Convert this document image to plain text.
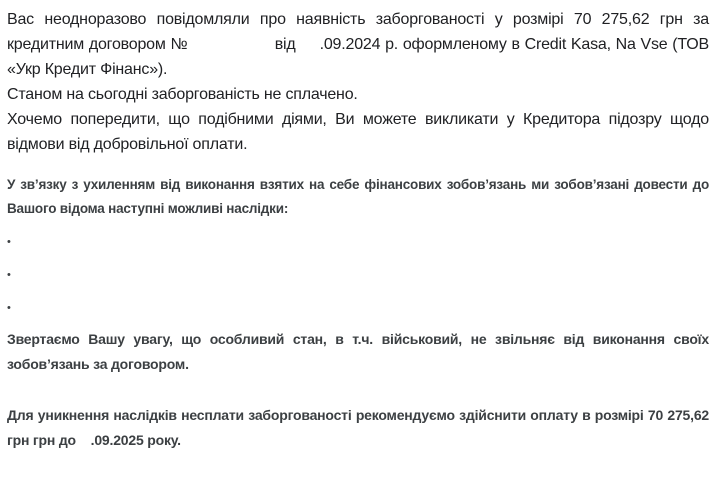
Вас неодноразово повідомляли про наявність заборгованості у розмірі 70 275,62 грн за кредитним договором №                  від     .09.2024 р. оформленому в Credit Kasa, Na Vse (ТОВ «Укр Кредит Фінанс»).

Станом на сьогодні заборгованість не сплачено.

Хочемо попередити, що подібними діями, Ви можете викликати у Кредитора підозру щодо відмови від добровільної оплати.

У зв’язку з ухиленням від виконання взятих на себе фінансових зобов’язань ми зобов’язані довести до Вашого відома наступні можливі наслідки:

•

•

•

Звертаємо Вашу увагу, що особливий стан, в т.ч. військовий, не звільняє від виконання своїх зобов’язань за договором.

Для уникнення наслідків несплати заборгованості рекомендуємо здійснити оплату в розмірі 70 275,62 грн грн до    .09.2025 року.
